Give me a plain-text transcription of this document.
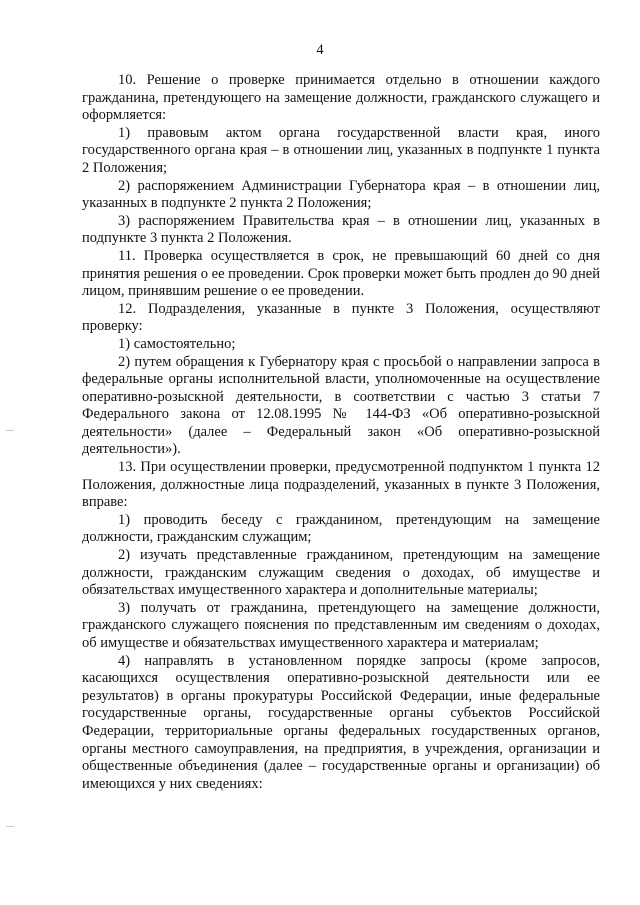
4

10. Решение о проверке принимается отдельно в отношении каждого гражданина, претендующего на замещение должности, гражданского служащего и оформляется:

1) правовым актом органа государственной власти края, иного государственного органа края – в отношении лиц, указанных в подпункте 1 пункта 2 Положения;

2) распоряжением Администрации Губернатора края – в отношении лиц, указанных в подпункте 2 пункта 2 Положения;

3) распоряжением Правительства края – в отношении лиц, указанных в подпункте 3 пункта 2 Положения.

11. Проверка осуществляется в срок, не превышающий 60 дней со дня принятия решения о ее проведении. Срок проверки может быть продлен до 90 дней лицом, принявшим решение о ее проведении.

12. Подразделения, указанные в пункте 3 Положения, осуществляют проверку:

1) самостоятельно;

2) путем обращения к Губернатору края с просьбой о направлении запроса в федеральные органы исполнительной власти, уполномоченные на осуществление оперативно-розыскной деятельности, в соответствии с частью 3 статьи 7 Федерального закона от 12.08.1995 № 144-ФЗ «Об оперативно-розыскной деятельности» (далее – Федеральный закон «Об оперативно-розыскной деятельности»).

13. При осуществлении проверки, предусмотренной подпунктом 1 пункта 12 Положения, должностные лица подразделений, указанных в пункте 3 Положения, вправе:

1) проводить беседу с гражданином, претендующим на замещение должности, гражданским служащим;

2) изучать представленные гражданином, претендующим на замещение должности, гражданским служащим сведения о доходах, об имуществе и обязательствах имущественного характера и дополнительные материалы;

3) получать от гражданина, претендующего на замещение должности, гражданского служащего пояснения по представленным им сведениям о доходах, об имуществе и обязательствах имущественного характера и материалам;

4) направлять в установленном порядке запросы (кроме запросов, касающихся осуществления оперативно-розыскной деятельности или ее результатов) в органы прокуратуры Российской Федерации, иные федеральные государственные органы, государственные органы субъектов Российской Федерации, территориальные органы федеральных государственных органов, органы местного самоуправления, на предприятия, в учреждения, организации и общественные объединения (далее – государственные органы и организации) об имеющихся у них сведениях:
